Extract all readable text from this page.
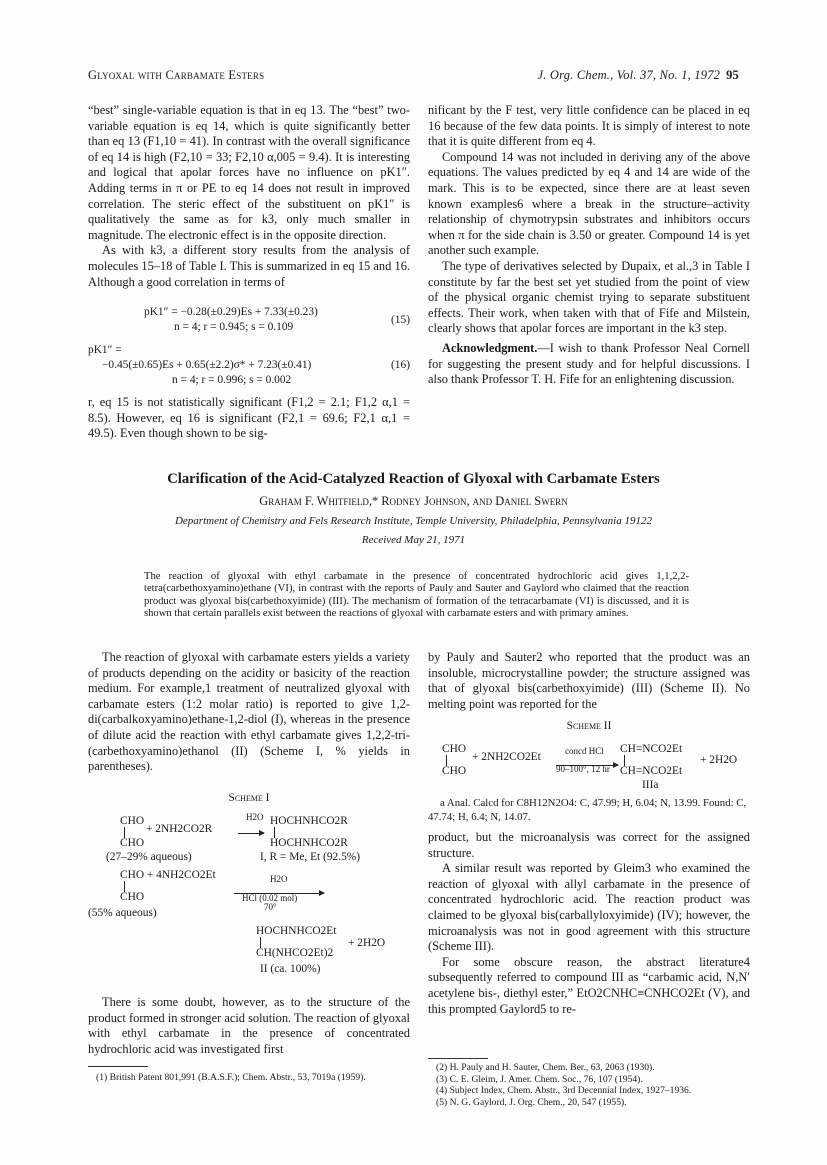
Glyoxal with Carbamate Esters	J. Org. Chem., Vol. 37, No. 1, 1972 95

“best” single-variable equation is that in eq 13. The “best” two-variable equation is eq 14, which is quite significantly better than eq 13 (F1,10 = 41). In contrast with the overall significance of eq 14 is high (F2,10 = 33; F2,10 α,005 = 9.4). It is interesting and logical that apolar forces have no influence on pK1″. Adding terms in π or PE to eq 14 does not result in improved correlation. The steric effect of the substituent on pK1″ is qualitatively the same as for k3, only much smaller in magnitude. The electronic effect is in the opposite direction.

As with k3, a different story results from the analysis of molecules 15–18 of Table I. This is summarized in eq 15 and 16. Although a good correlation in terms of

pK1″ = −0.28(±0.29)Es + 7.33(±0.23)
n = 4; r = 0.945; s = 0.109
(15)
pK1″ =
−0.45(±0.65)Es + 0.65(±2.2)σ* + 7.23(±0.41)
n = 4; r = 0.996; s = 0.002
(16)

r, eq 15 is not statistically significant (F1,2 = 2.1; F1,2 α,1 = 8.5). However, eq 16 is significant (F2,1 = 69.6; F2,1 α,1 = 49.5). Even though shown to be sig-

nificant by the F test, very little confidence can be placed in eq 16 because of the few data points. It is simply of interest to note that it is quite different from eq 4.

Compound 14 was not included in deriving any of the above equations. The values predicted by eq 4 and 14 are wide of the mark. This is to be expected, since there are at least seven known examples6 where a break in the structure–activity relationship of chymotrypsin substrates and inhibitors occurs when π for the side chain is 3.50 or greater. Compound 14 is yet another such example.

The type of derivatives selected by Dupaix, et al.,3 in Table I constitute by far the best set yet studied from the point of view of the physical organic chemist trying to separate substituent effects. Their work, when taken with that of Fife and Milstein, clearly shows that apolar forces are important in the k3 step.

Acknowledgment.—I wish to thank Professor Neal Cornell for suggesting the present study and for helpful discussions. I also thank Professor T. H. Fife for an enlightening discussion.

Clarification of the Acid-Catalyzed Reaction of Glyoxal with Carbamate Esters
Graham F. Whitfield,* Rodney Johnson, and Daniel Swern
Department of Chemistry and Fels Research Institute, Temple University, Philadelphia, Pennsylvania 19122
Received May 21, 1971
The reaction of glyoxal with ethyl carbamate in the presence of concentrated hydrochloric acid gives 1,1,2,2-tetra(carbethoxyamino)ethane (VI), in contrast with the reports of Pauly and Sauter and Gaylord who claimed that the reaction product was glyoxal bis(carbethoxyimide) (III). The mechanism of formation of the tetracarbamate (VI) is discussed, and it is shown that certain parallels exist between the reactions of glyoxal with carbamate esters and with primary amines.

The reaction of glyoxal with carbamate esters yields a variety of products depending on the acidity or basicity of the reaction medium. For example,1 treatment of neutralized glyoxal with carbamate esters (1:2 molar ratio) is reported to give 1,2-di(carbalkoxyamino)ethane-1,2-diol (I), whereas in the presence of dilute acid the reaction with ethyl carbamate gives 1,2,2-tri-(carbethoxyamino)ethanol (II) (Scheme I, % yields in parentheses).

Scheme I
CHO
+ 2NH2CO2R
H2O HOCHNHCO2R
CHO	HOCHNHCO2R
(27–29% aqueous)	I, R = Me, Et (92.5%)
CHO + 4NH2CO2Et	H2O
CHO	HCl (0.02 mol)
70°
(55% aqueous)
HOCHNHCO2Et
CH(NHCO2Et)2
+ 2H2O
II (ca. 100%)

There is some doubt, however, as to the structure of the product formed in stronger acid solution. The reaction of glyoxal with ethyl carbamate in the presence of concentrated hydrochloric acid was investigated first

(1) British Patent 801,991 (B.A.S.F.); Chem. Abstr., 53, 7019a (1959).

by Pauly and Sauter2 who reported that the product was an insoluble, microcrystalline powder; the structure assigned was that of glyoxal bis(carbethoxyimide) (III) (Scheme II). No melting point was reported for the

Scheme II
CHO
+ 2NH2CO2Et	concd HCl
90–100°, 12 hr
CHO
CH=NCO2Et
CH=NCO2Et
+ 2H2O
IIIa
a Anal. Calcd for C8H12N2O4: C, 47.99; H, 6.04; N, 13.99. Found: C, 47.74; H, 6.4; N, 14.07.

product, but the microanalysis was correct for the assigned structure.

A similar result was reported by Gleim3 who examined the reaction of glyoxal with allyl carbamate in the presence of concentrated hydrochloric acid. The reaction product was claimed to be glyoxal bis(carballyloxyimide) (IV); however, the microanalysis was not in good agreement with this structure (Scheme III).

For some obscure reason, the abstract literature4 subsequently referred to compound III as “carbamic acid, N,N′ acetylene bis-, diethyl ester,” EtO2CNHC≡CNHCO2Et (V), and this prompted Gaylord5 to re-

(2) H. Pauly and H. Sauter, Chem. Ber., 63, 2063 (1930).
(3) C. E. Gleim, J. Amer. Chem. Soc., 76, 107 (1954).
(4) Subject Index, Chem. Abstr., 3rd Decennial Index, 1927–1936.
(5) N. G. Gaylord, J. Org. Chem., 20, 547 (1955).
